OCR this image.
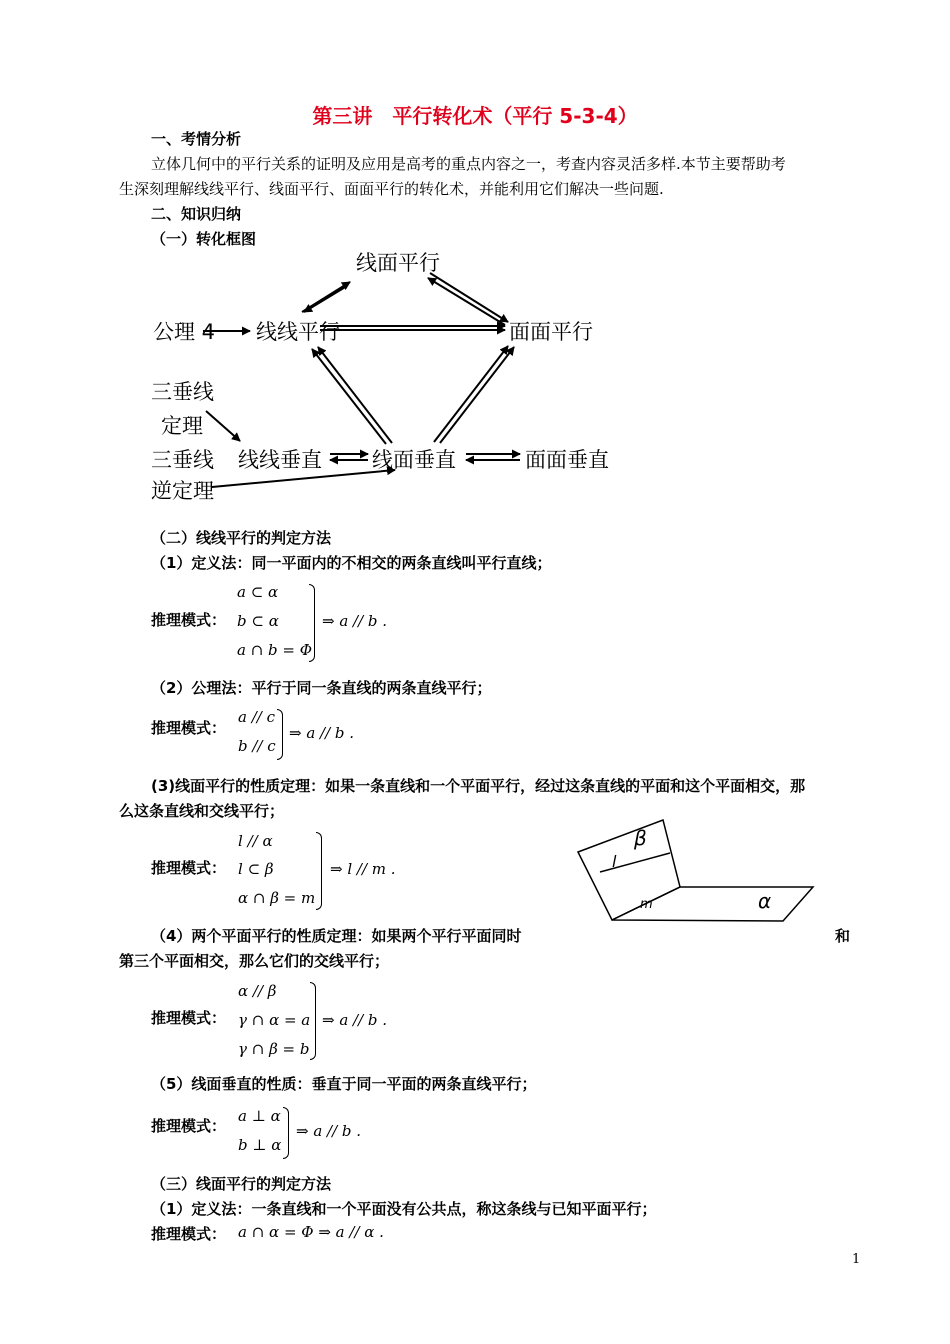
第三讲　平行转化术（平行 5-3-4）
一、考情分析
立体几何中的平行关系的证明及应用是高考的重点内容之一，考查内容灵活多样.本节主要帮助考
生深刻理解线线平行、线面平行、面面平行的转化术，并能利用它们解决一些问题.
二、知识归纳
（一）转化框图
线面平行
公理 4 线线平行	面面平行
三垂线
定理
三垂线
逆定理
线线垂直 线面垂直	面面垂直
（二）线线平行的判定方法
（1）定义法：同一平面内的不相交的两条直线叫平行直线；
推理模式：
a ⊂ α
b ⊂ α
a ∩ b = Φ
⇒ a // b .
（2）公理法：平行于同一条直线的两条直线平行；
推理模式：
a // c
b // c
⇒ a // b .
(3)线面平行的性质定理：如果一条直线和一个平面平行，经过这条直线的平面和这个平面相交，那
么这条直线和交线平行；
推理模式：
l // α
l ⊂ β
α ∩ β = m
⇒ l // m .
β
l
m	α
（4）两个平面平行的性质定理：如果两个平行平面同时	和
第三个平面相交，那么它们的交线平行；
推理模式：
α // β
γ ∩ α = a
γ ∩ β = b
⇒ a // b .
（5）线面垂直的性质：垂直于同一平面的两条直线平行；
推理模式：
a ⊥ α
b ⊥ α
⇒ a // b .
（三）线面平行的判定方法
（1）定义法：一条直线和一个平面没有公共点，称这条线与已知平面平行；
推理模式： a ∩ α = Φ ⇒ a // α .
1
